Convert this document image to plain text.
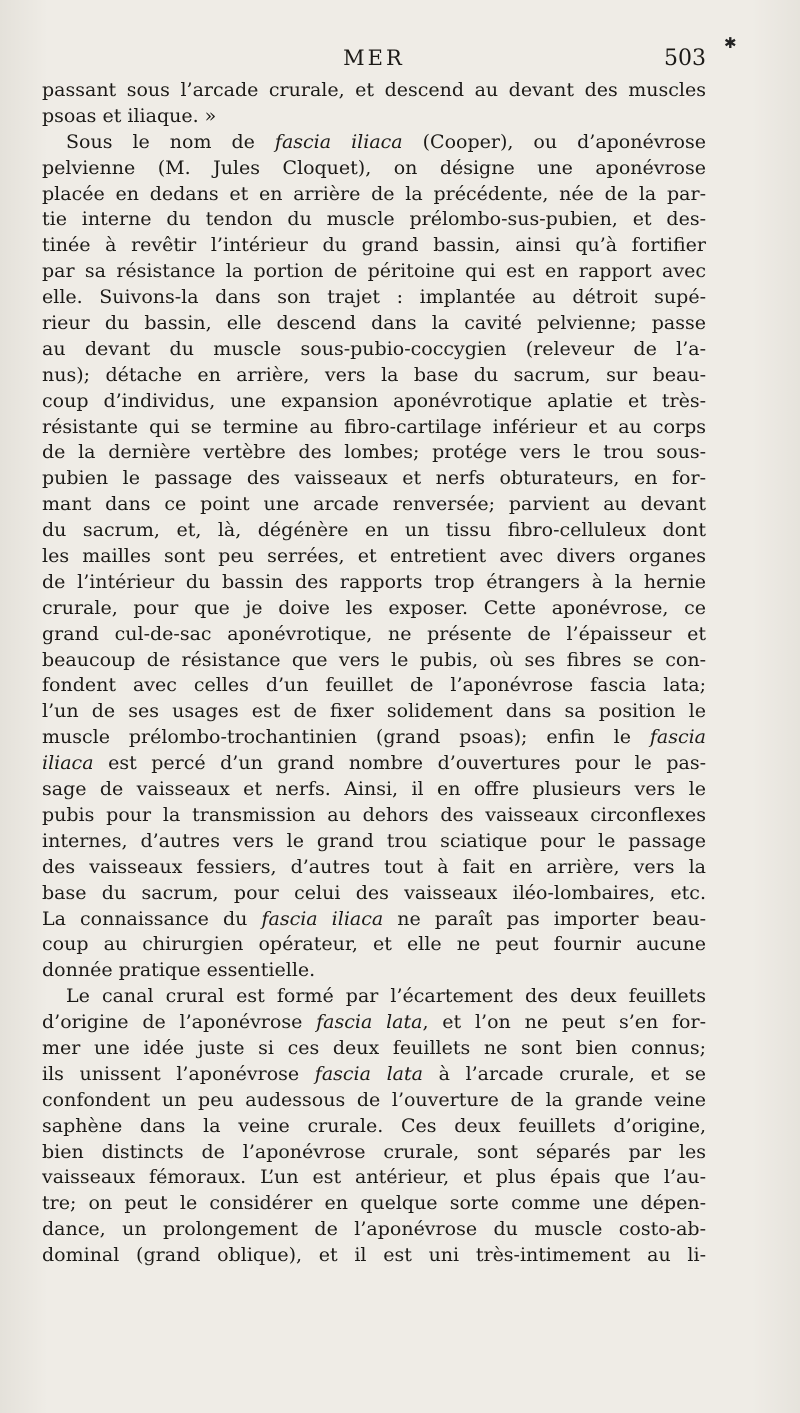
MER	503
✱
passant sous l’arcade crurale, et descend au devant des muscles
psoas et iliaque. »
Sous le nom de fascia iliaca (Cooper), ou d’aponévrose
pelvienne (M. Jules Cloquet), on désigne une aponévrose
placée en dedans et en arrière de la précédente, née de la par-
tie interne du tendon du muscle prélombo-sus-pubien, et des-
tinée à revêtir l’intérieur du grand bassin, ainsi qu’à fortifier
par sa résistance la portion de péritoine qui est en rapport avec
elle. Suivons-la dans son trajet : implantée au détroit supé-
rieur du bassin, elle descend dans la cavité pelvienne; passe
au devant du muscle sous-pubio-coccygien (releveur de l’a-
nus); détache en arrière, vers la base du sacrum, sur beau-
coup d’individus, une expansion aponévrotique aplatie et très-
résistante qui se termine au fibro-cartilage inférieur et au corps
de la dernière vertèbre des lombes; protége vers le trou sous-
pubien le passage des vaisseaux et nerfs obturateurs, en for-
mant dans ce point une arcade renversée; parvient au devant
du sacrum, et, là, dégénère en un tissu fibro-celluleux dont
les mailles sont peu serrées, et entretient avec divers organes
de l’intérieur du bassin des rapports trop étrangers à la hernie
crurale, pour que je doive les exposer. Cette aponévrose, ce
grand cul-de-sac aponévrotique, ne présente de l’épaisseur et
beaucoup de résistance que vers le pubis, où ses fibres se con-
fondent avec celles d’un feuillet de l’aponévrose fascia lata;
l’un de ses usages est de fixer solidement dans sa position le
muscle prélombo-trochantinien (grand psoas); enfin le fascia
iliaca est percé d’un grand nombre d’ouvertures pour le pas-
sage de vaisseaux et nerfs. Ainsi, il en offre plusieurs vers le
pubis pour la transmission au dehors des vaisseaux circonflexes
internes, d’autres vers le grand trou sciatique pour le passage
des vaisseaux fessiers, d’autres tout à fait en arrière, vers la
base du sacrum, pour celui des vaisseaux iléo-lombaires, etc.
La connaissance du fascia iliaca ne paraît pas importer beau-
coup au chirurgien opérateur, et elle ne peut fournir aucune
donnée pratique essentielle.
Le canal crural est formé par l’écartement des deux feuillets
d’origine de l’aponévrose fascia lata, et l’on ne peut s’en for-
mer une idée juste si ces deux feuillets ne sont bien connus;
ils unissent l’aponévrose fascia lata à l’arcade crurale, et se
confondent un peu audessous de l’ouverture de la grande veine
saphène dans la veine crurale. Ces deux feuillets d’origine,
bien distincts de l’aponévrose crurale, sont séparés par les
vaisseaux fémoraux. L’un est antérieur, et plus épais que l’au-
tre; on peut le considérer en quelque sorte comme une dépen-
dance, un prolongement de l’aponévrose du muscle costo-ab-
dominal (grand oblique), et il est uni très-intimement au li-
